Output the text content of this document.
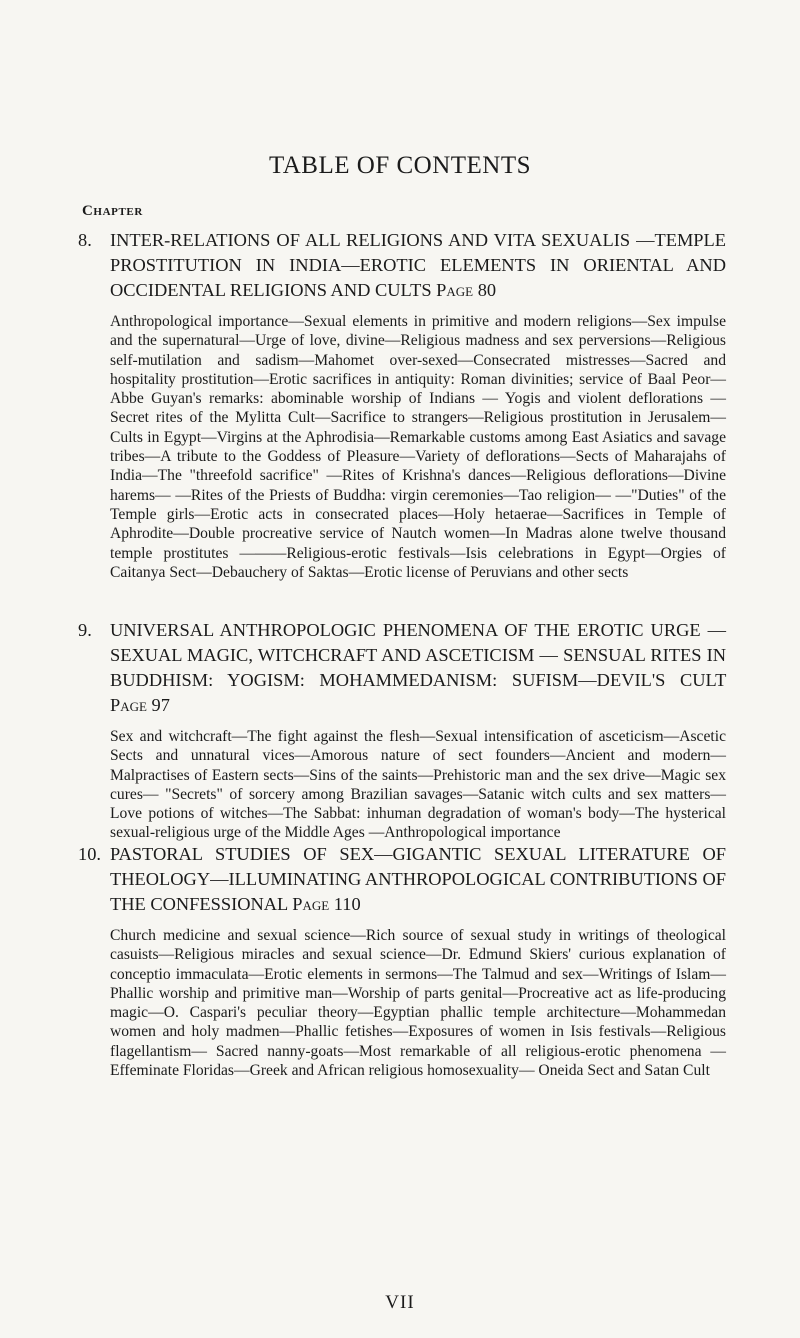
TABLE OF CONTENTS
Chapter
8. INTER-RELATIONS OF ALL RELIGIONS AND VITA SEXUALIS —TEMPLE PROSTITUTION IN INDIA—EROTIC ELEMENTS IN ORIENTAL AND OCCIDENTAL RELIGIONS AND CULTS Page 80
Anthropological importance—Sexual elements in primitive and modern religions—Sex impulse and the supernatural—Urge of love, divine—Religious madness and sex perversions—Religious self-mutilation and sadism—Mahomet over-sexed—Consecrated mistresses—Sacred and hospitality prostitution—Erotic sacrifices in antiquity: Roman divinities; service of Baal Peor—Abbe Guyan's remarks: abominable worship of Indians — Yogis and violent deflorations — Secret rites of the Mylitta Cult—Sacrifice to strangers—Religious prostitution in Jerusalem—Cults in Egypt—Virgins at the Aphrodisia—Remarkable customs among East Asiatics and savage tribes—A tribute to the Goddess of Pleasure—Variety of deflorations—Sects of Maharajahs of India—The "threefold sacrifice" —Rites of Krishna's dances—Religious deflorations—Divine harems— —Rites of the Priests of Buddha: virgin ceremonies—Tao religion— —"Duties" of the Temple girls—Erotic acts in consecrated places—Holy hetaerae—Sacrifices in Temple of Aphrodite—Double procreative service of Nautch women—In Madras alone twelve thousand temple prostitutes ———Religious-erotic festivals—Isis celebrations in Egypt—Orgies of Caitanya Sect—Debauchery of Saktas—Erotic license of Peruvians and other sects
9. UNIVERSAL ANTHROPOLOGIC PHENOMENA OF THE EROTIC URGE — SEXUAL MAGIC, WITCHCRAFT AND ASCETICISM — SENSUAL RITES IN BUDDHISM: YOGISM: MOHAMMEDANISM: SUFISM—DEVIL'S CULT Page 97
Sex and witchcraft—The fight against the flesh—Sexual intensification of asceticism—Ascetic Sects and unnatural vices—Amorous nature of sect founders—Ancient and modern—Malpractises of Eastern sects—Sins of the saints—Prehistoric man and the sex drive—Magic sex cures— "Secrets" of sorcery among Brazilian savages—Satanic witch cults and sex matters—Love potions of witches—The Sabbat: inhuman degradation of woman's body—The hysterical sexual-religious urge of the Middle Ages —Anthropological importance
10. PASTORAL STUDIES OF SEX—GIGANTIC SEXUAL LITERATURE OF THEOLOGY—ILLUMINATING ANTHROPOLOGICAL CONTRIBUTIONS OF THE CONFESSIONAL Page 110
Church medicine and sexual science—Rich source of sexual study in writings of theological casuists—Religious miracles and sexual science—Dr. Edmund Skiers' curious explanation of conceptio immaculata—Erotic elements in sermons—The Talmud and sex—Writings of Islam—Phallic worship and primitive man—Worship of parts genital—Procreative act as life-producing magic—O. Caspari's peculiar theory—Egyptian phallic temple architecture—Mohammedan women and holy madmen—Phallic fetishes—Exposures of women in Isis festivals—Religious flagellantism— Sacred nanny-goats—Most remarkable of all religious-erotic phenomena —Effeminate Floridas—Greek and African religious homosexuality— Oneida Sect and Satan Cult
VII
